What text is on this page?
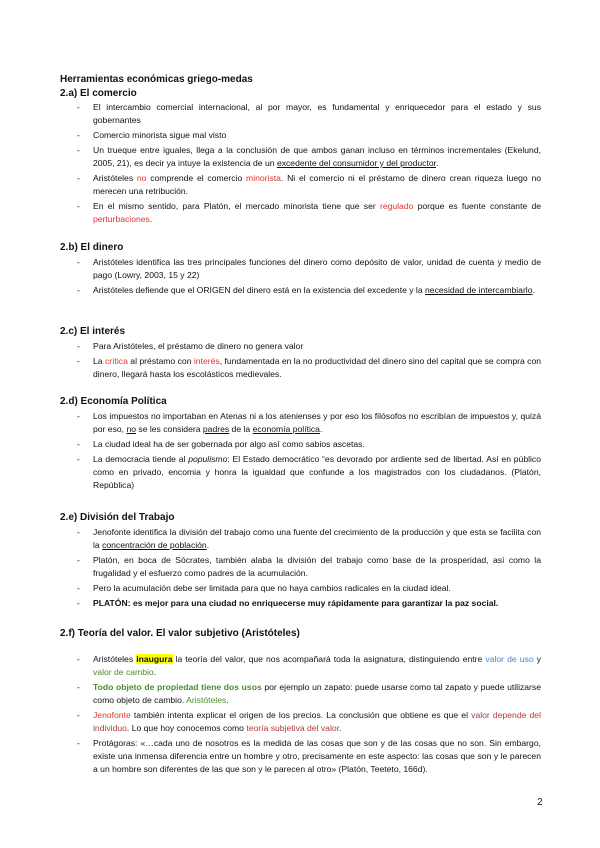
Herramientas económicas griego-medas
2.a) El comercio
- El intercambio comercial internacional, al por mayor, es fundamental y enriquecedor para el estado y sus gobernantes
- Comercio minorista sigue mal visto
- Un trueque entre iguales, llega a la conclusión de que ambos ganan incluso en términos incrementales (Ekelund, 2005, 21), es decir ya intuye la existencia de un excedente del consumidor y del productor.
- Aristóteles no comprende el comercio minorista. Ni el comercio ni el préstamo de dinero crean riqueza luego no merecen una retribución.
- En el mismo sentido, para Platón, el mercado minorista tiene que ser regulado porque es fuente constante de perturbaciones.
2.b) El dinero
- Aristóteles identifica las tres principales funciones del dinero como depósito de valor, unidad de cuenta y medio de pago (Lowry, 2003, 15 y 22)
- Aristóteles defiende que el ORIGEN del dinero está en la existencia del excedente y la necesidad de intercambiarlo.
2.c) El interés
- Para Aristóteles, el préstamo de dinero no genera valor
- La crítica al préstamo con interés, fundamentada en la no productividad del dinero sino del capital que se compra con dinero, llegará hasta los escolásticos medievales.
2.d) Economía Política
- Los impuestos no importaban en Atenas ni a los atenienses y por eso los filósofos no escribían de impuestos y, quizá por eso, no se les considera padres de la economía política.
- La ciudad ideal ha de ser gobernada por algo así como sabios ascetas.
- La democracia tiende al populismo: El Estado democrático “es devorado por ardiente sed de libertad. Así en público como en privado, encomia y honra la igualdad que confunde a los magistrados con los ciudadanos. (Platón, República)
2.e) División del Trabajo
- Jenofonte identifica la división del trabajo como una fuente del crecimiento de la producción y que esta se facilita con la concentración de población.
- Platón, en boca de Sócrates, también alaba la división del trabajo como base de la prosperidad, así como la frugalidad y el esfuerzo como padres de la acumulación.
- Pero la acumulación debe ser limitada para que no haya cambios radicales en la ciudad ideal.
- PLATÓN: es mejor para una ciudad no enriquecerse muy rápidamente para garantizar la paz social.
2.f) Teoría del valor. El valor subjetivo (Aristóteles)
- Aristóteles inaugura la teoría del valor, que nos acompañará toda la asignatura, distinguiendo entre valor de uso y valor de cambio.
- Todo objeto de propiedad tiene dos usos por ejemplo un zapato: puede usarse como tal zapato y puede utilizarse como objeto de cambio. Aristóteles.
- Jenofonte también intenta explicar el origen de los precios. La conclusión que obtiene es que el valor depende del individuo. Lo que hoy conocemos como teoría subjetiva del valor.
- Protágoras: «…cada uno de nosotros es la medida de las cosas que son y de las cosas que no son. Sin embargo, existe una inmensa diferencia entre un hombre y otro, precisamente en este aspecto: las cosas que son y le parecen a un hombre son diferentes de las que son y le parecen al otro» (Platón, Teeteto, 166d).
2
